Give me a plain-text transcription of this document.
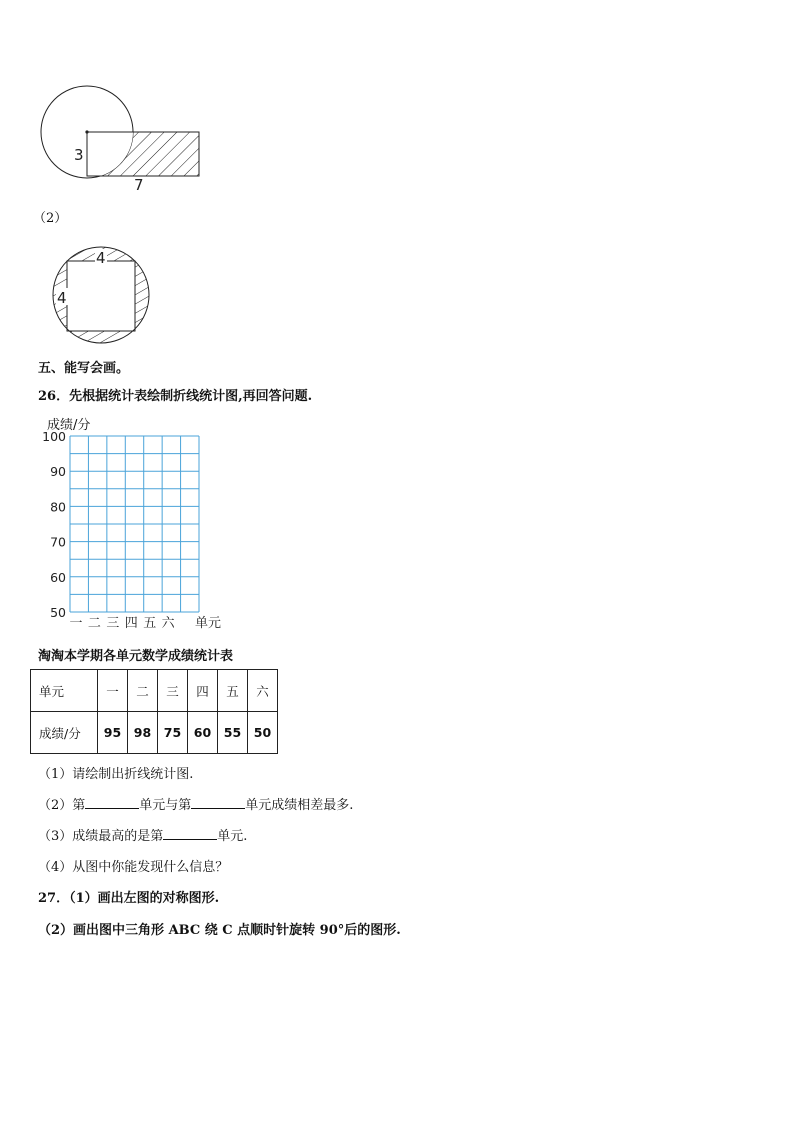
3
7
（2）
4
4
五、能写会画。
26．先根据统计表绘制折线统计图,再回答问题.
成绩/分
100
90
80
70
60
50
一 二 三 四 五 六 单元
淘淘本学期各单元数学成绩统计表
单元	一	二	三	四	五	六
成绩/分	95	98	75	60	55	50
（1）请绘制出折线统计图.
（2）第	单元与第	单元成绩相差最多.
（3）成绩最高的是第	单元.
（4）从图中你能发现什么信息？
27．（1）画出左图的对称图形.
（2）画出图中三角形 ABC 绕 C 点顺时针旋转 90°后的图形.
